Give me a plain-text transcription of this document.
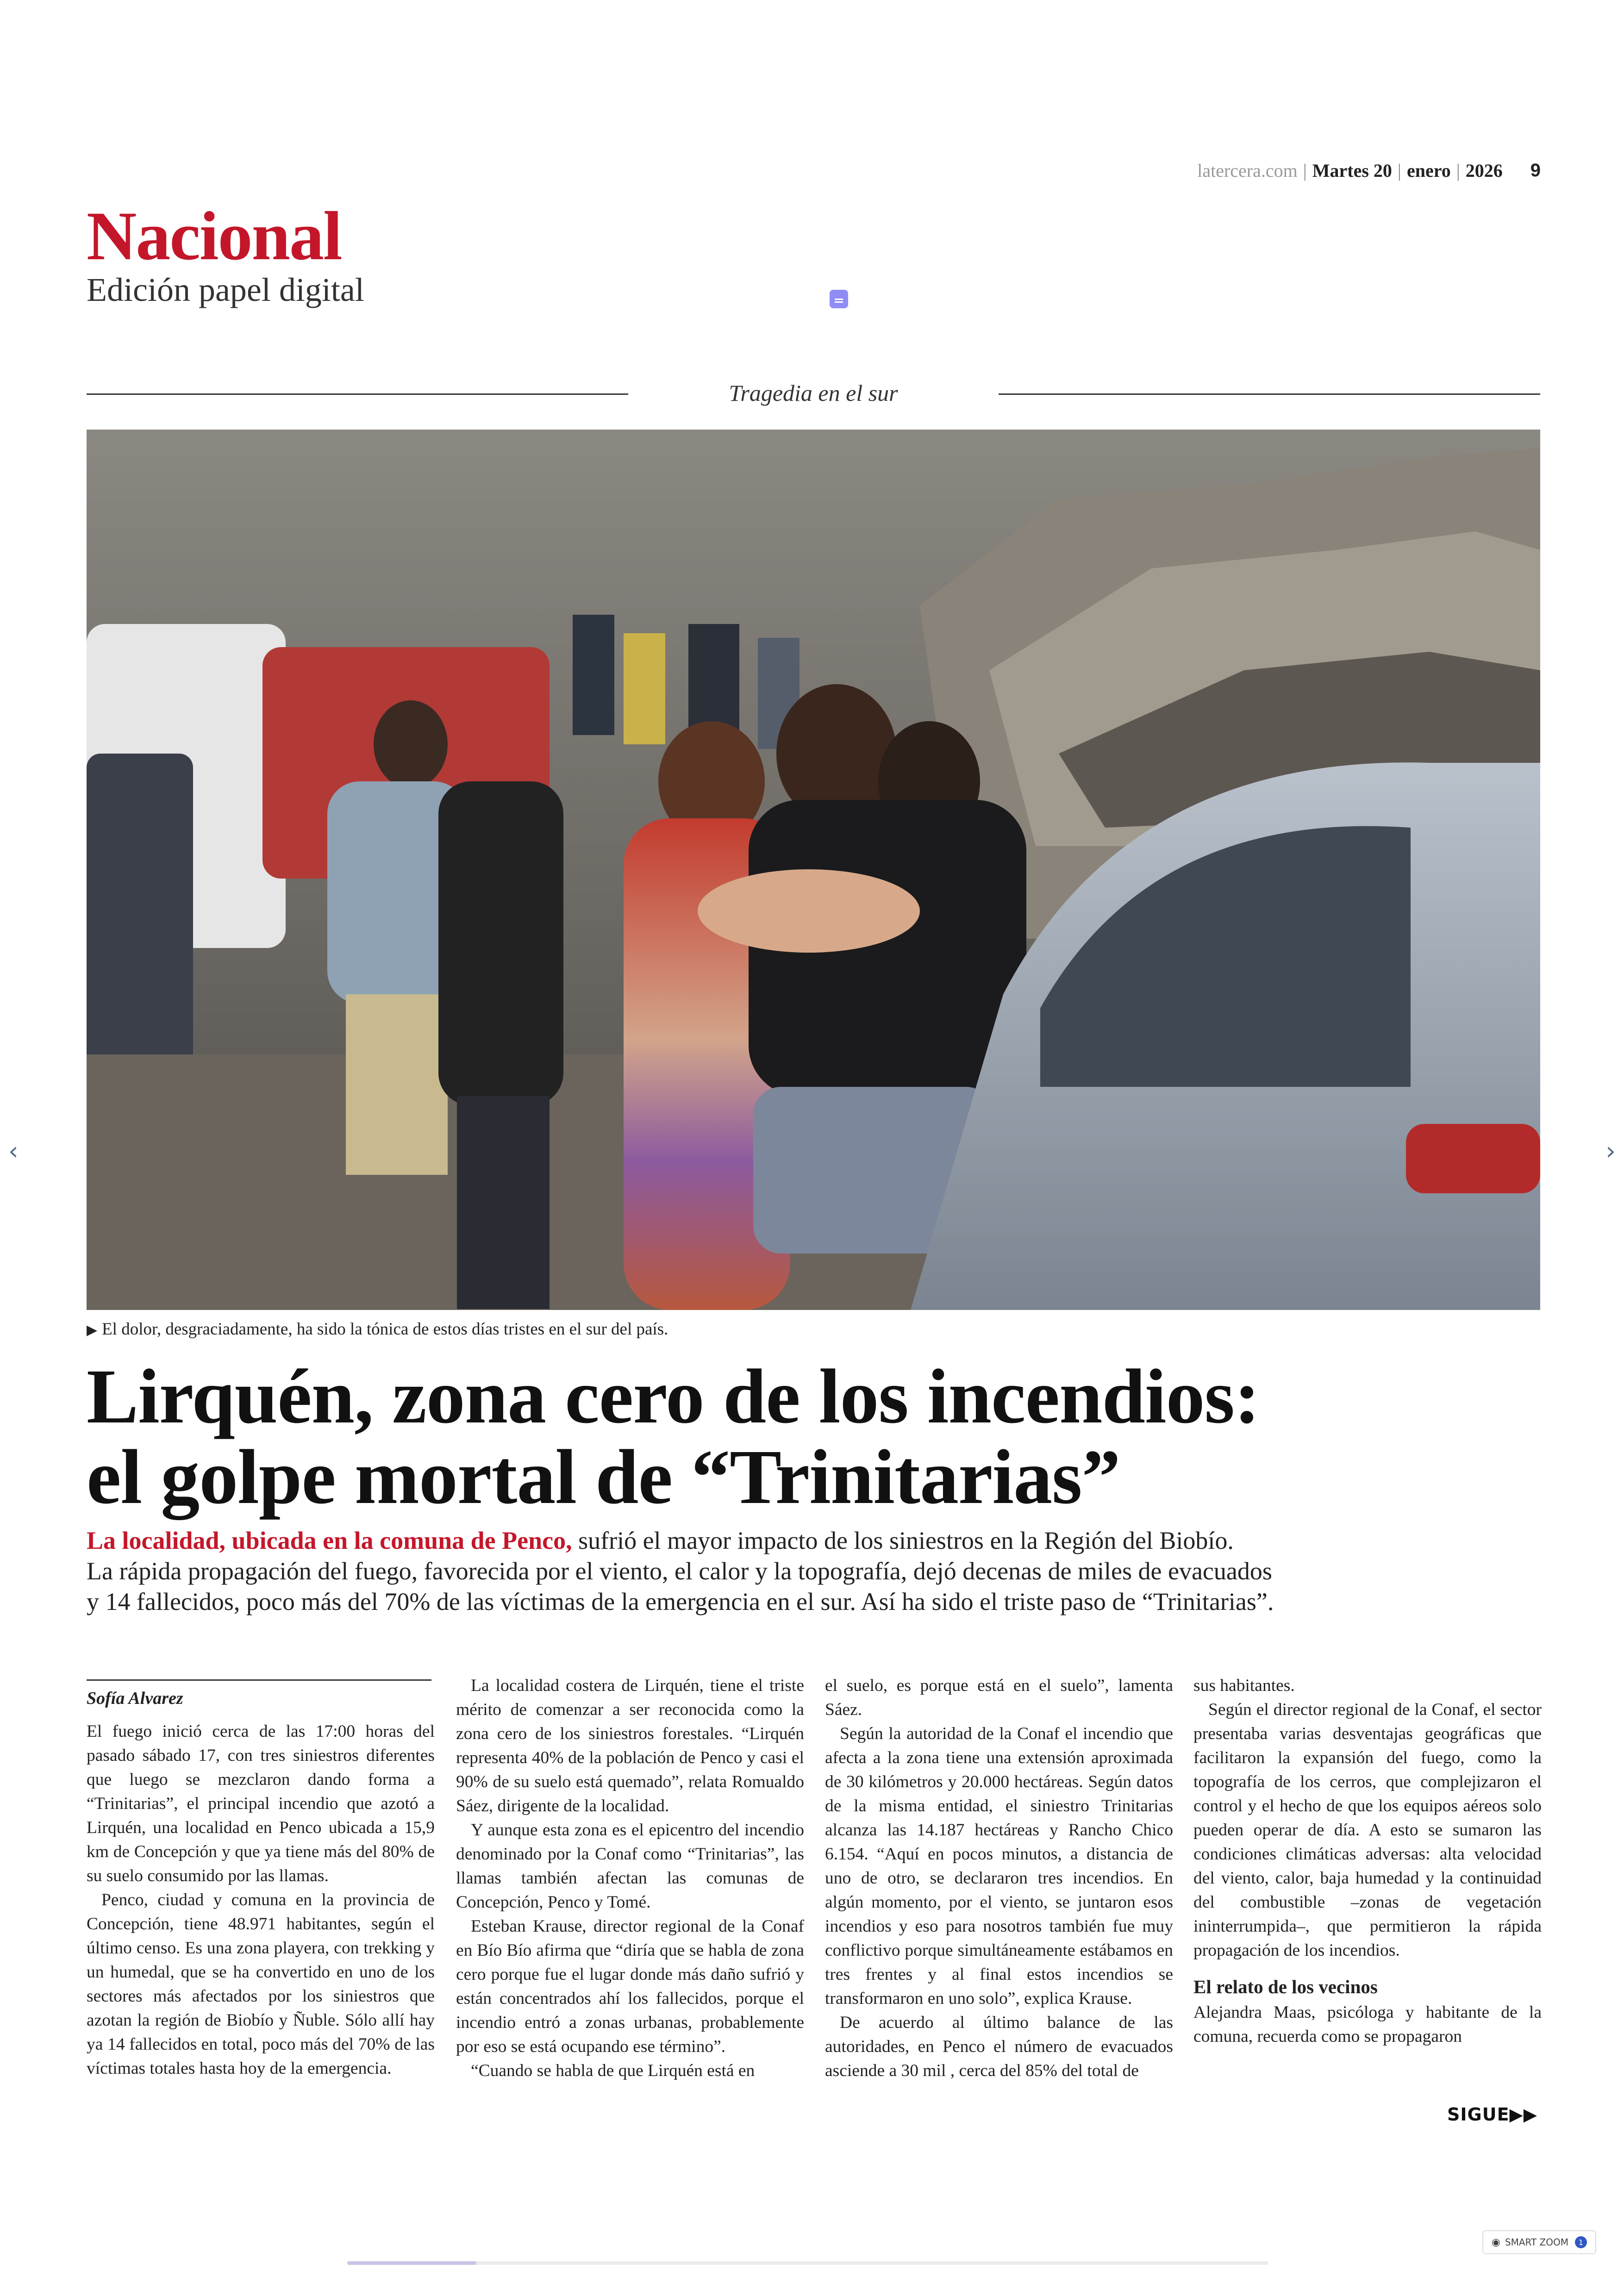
latercera.com | Martes 20 | enero | 2026 9
Nacional
Edición papel digital
Tragedia en el sur
▶ El dolor, desgraciadamente, ha sido la tónica de estos días tristes en el sur del país.
Lirquén, zona cero de los incendios:
el golpe mortal de “Trinitarias”
La localidad, ubicada en la comuna de Penco, sufrió el mayor impacto de los siniestros en la Región del Biobío.
La rápida propagación del fuego, favorecida por el viento, el calor y la topografía, dejó decenas de miles de evacuados
y 14 fallecidos, poco más del 70% de las víctimas de la emergencia en el sur. Así ha sido el triste paso de “Trinitarias”.
Sofía Alvarez

El fuego inició cerca de las 17:00 horas del pasado sábado 17, con tres siniestros diferentes que luego se mezclaron dando forma a “Trinitarias”, el principal incendio que azotó a Lirquén, una localidad en Penco ubicada a 15,9 km de Concepción y que ya tiene más del 80% de su suelo consumido por las llamas.

Penco, ciudad y comuna en la provincia de Concepción, tiene 48.971 habitantes, según el último censo. Es una zona playera, con trekking y un humedal, que se ha convertido en uno de los sectores más afectados por los siniestros que azotan la región de Biobío y Ñuble. Sólo allí hay ya 14 fallecidos en total, poco más del 70% de las víctimas totales hasta hoy de la emergencia.

La localidad costera de Lirquén, tiene el triste mérito de comenzar a ser reconocida como la zona cero de los siniestros forestales. “Lirquén representa 40% de la población de Penco y casi el 90% de su suelo está quemado”, relata Romualdo Sáez, dirigente de la localidad.

Y aunque esta zona es el epicentro del incendio denominado por la Conaf como “Trinitarias”, las llamas también afectan las comunas de Concepción, Penco y Tomé.

Esteban Krause, director regional de la Conaf en Bío Bío afirma que “diría que se habla de zona cero porque fue el lugar donde más daño sufrió y están concentrados ahí los fallecidos, porque el incendio entró a zonas urbanas, probablemente por eso se está ocupando ese término”.

“Cuando se habla de que Lirquén está en

el suelo, es porque está en el suelo”, lamenta Sáez.

Según la autoridad de la Conaf el incendio que afecta a la zona tiene una extensión aproximada de 30 kilómetros y 20.000 hectáreas. Según datos de la misma entidad, el siniestro Trinitarias alcanza las 14.187 hectáreas y Rancho Chico 6.154. “Aquí en pocos minutos, a distancia de uno de otro, se declararon tres incendios. En algún momento, por el viento, se juntaron esos incendios y eso para nosotros también fue muy conflictivo porque simultáneamente estábamos en tres frentes y al final estos incendios se transformaron en uno solo”, explica Krause.

De acuerdo al último balance de las autoridades, en Penco el número de evacuados asciende a 30 mil , cerca del 85% del total de

sus habitantes.

Según el director regional de la Conaf, el sector presentaba varias desventajas geográficas que facilitaron la expansión del fuego, como la topografía de los cerros, que complejizaron el control y el hecho de que los equipos aéreos solo pueden operar de día. A esto se sumaron las condiciones climáticas adversas: alta velocidad del viento, calor, baja humedad y la continuidad del combustible –zonas de vegetación ininterrumpida–, que permitieron la rápida propagación de los incendios.

El relato de los vecinos

Alejandra Maas, psicóloga y habitante de la comuna, recuerda como se propagaron

SIGUE▶▶
‹	›
◉ SMART ZOOM	1
